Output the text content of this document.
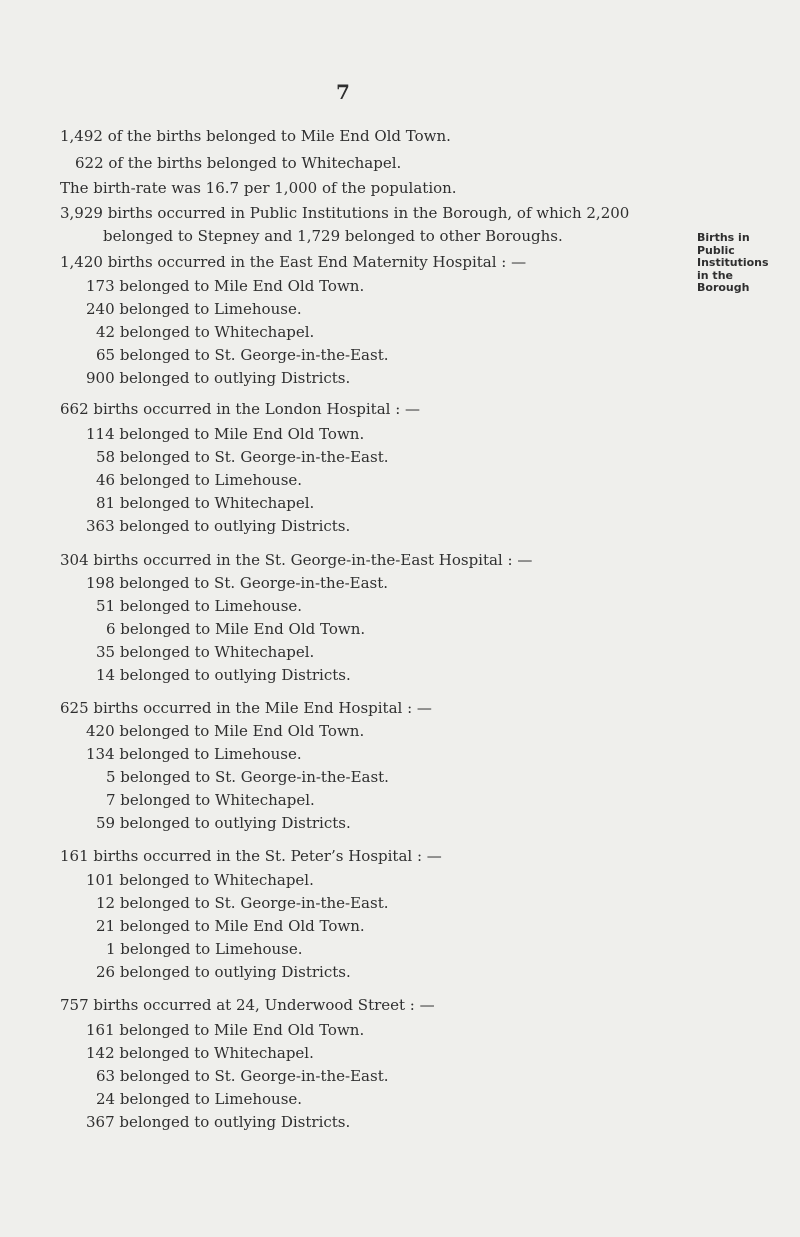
7
1,492 of the births belonged to Mile End Old Town.
622 of the births belonged to Whitechapel.
The birth-rate was 16.7 per 1,000 of the population.
3,929 births occurred in Public Institutions in the Borough, of which 2,200
belonged to Stepney and 1,729 belonged to other Boroughs.	Births in
Public
Institutions
in the
Borough
1,420 births occurred in the East End Maternity Hospital : —
173 belonged to Mile End Old Town.
240 belonged to Limehouse.
42 belonged to Whitechapel.
65 belonged to St. George-in-the-East.
900 belonged to outlying Districts.
662 births occurred in the London Hospital : —
114 belonged to Mile End Old Town.
58 belonged to St. George-in-the-East.
46 belonged to Limehouse.
81 belonged to Whitechapel.
363 belonged to outlying Districts.
304 births occurred in the St. George-in-the-East Hospital : —
198 belonged to St. George-in-the-East.
51 belonged to Limehouse.
6 belonged to Mile End Old Town.
35 belonged to Whitechapel.
14 belonged to outlying Districts.
625 births occurred in the Mile End Hospital : —
420 belonged to Mile End Old Town.
134 belonged to Limehouse.
5 belonged to St. George-in-the-East.
7 belonged to Whitechapel.
59 belonged to outlying Districts.
161 births occurred in the St. Peter’s Hospital : —
101 belonged to Whitechapel.
12 belonged to St. George-in-the-East.
21 belonged to Mile End Old Town.
1 belonged to Limehouse.
26 belonged to outlying Districts.
757 births occurred at 24, Underwood Street : —
161 belonged to Mile End Old Town.
142 belonged to Whitechapel.
63 belonged to St. George-in-the-East.
24 belonged to Limehouse.
367 belonged to outlying Districts.
